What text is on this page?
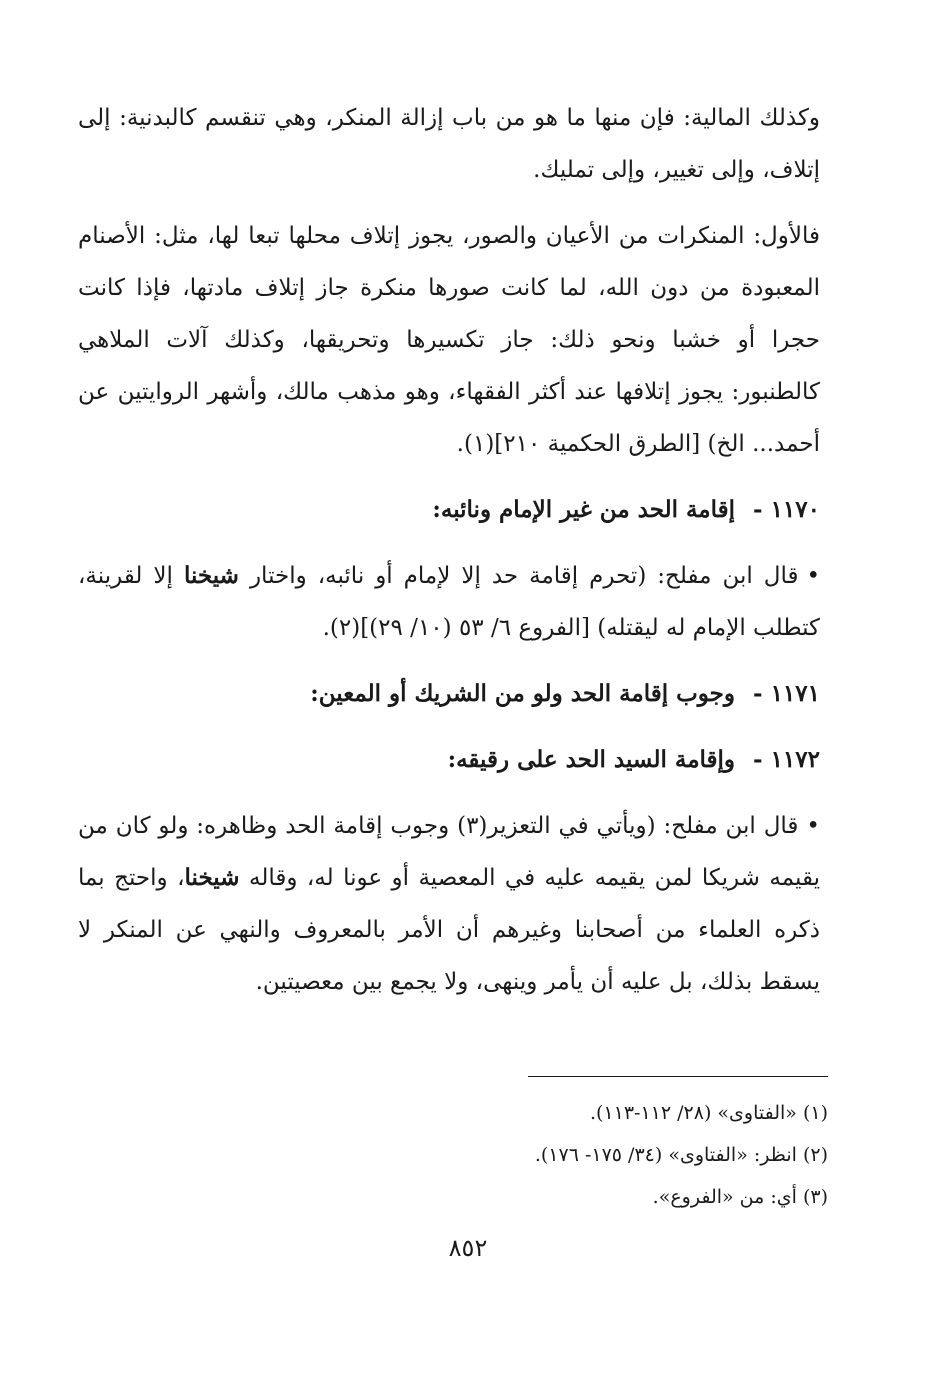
وكذلك المالية: فإن منها ما هو من باب إزالة المنكر، وهي تنقسم كالبدنية: إلى إتلاف، وإلى تغيير، وإلى تمليك.

فالأول: المنكرات من الأعيان والصور، يجوز إتلاف محلها تبعا لها، مثل: الأصنام المعبودة من دون الله، لما كانت صورها منكرة جاز إتلاف مادتها، فإذا كانت حجرا أو خشبا ونحو ذلك: جاز تكسيرها وتحريقها، وكذلك آلات الملاهي كالطنبور: يجوز إتلافها عند أكثر الفقهاء، وهو مذهب مالك، وأشهر الروايتين عن أحمد... الخ) [الطرق الحكمية ٢١٠](١).

١١٧٠ -إقامة الحد من غير الإمام ونائبه:

•قال ابن مفلح: (تحرم إقامة حد إلا لإمام أو نائبه، واختار شيخنا إلا لقرينة، كتطلب الإمام له ليقتله) [الفروع ٦/ ٥٣ (١٠/ ٢٩)](٢).

١١٧١ -وجوب إقامة الحد ولو من الشريك أو المعين:
١١٧٢ -وإقامة السيد الحد على رقيقه:

•قال ابن مفلح: (ويأتي في التعزير(٣) وجوب إقامة الحد وظاهره: ولو كان من يقيمه شريكا لمن يقيمه عليه في المعصية أو عونا له، وقاله شيخنا، واحتج بما ذكره العلماء من أصحابنا وغيرهم أن الأمر بالمعروف والنهي عن المنكر لا يسقط بذلك، بل عليه أن يأمر وينهى، ولا يجمع بين معصيتين.

(١) «الفتاوى» (٢٨/ ١١٢-١١٣).

(٢) انظر: «الفتاوى» (٣٤/ ١٧٥- ١٧٦).

(٣) أي: من «الفروع».

٨٥٢
